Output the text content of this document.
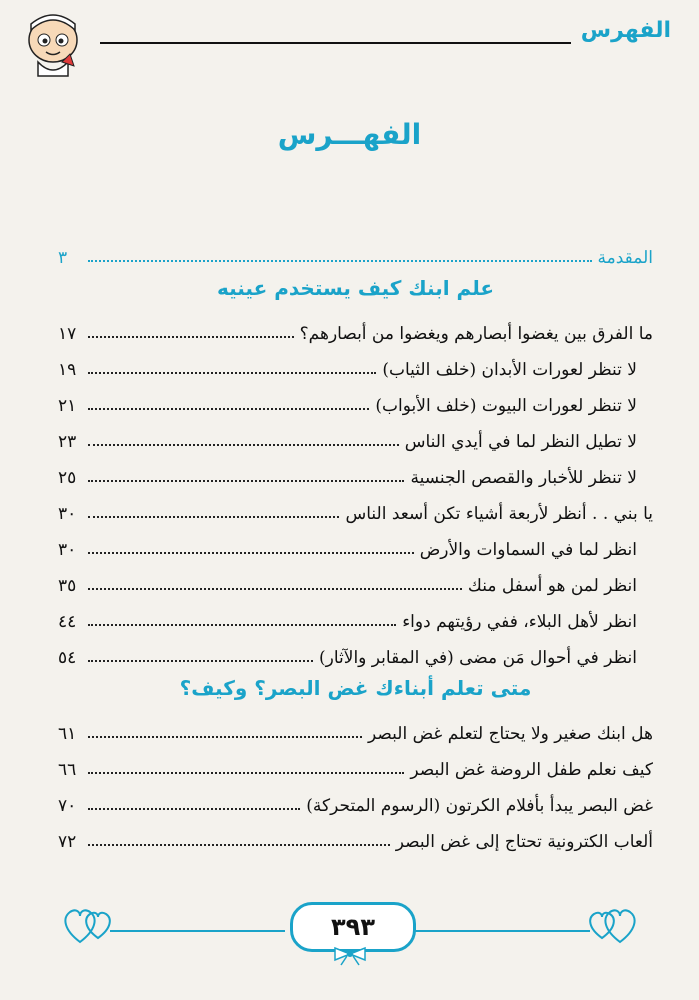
الفهرس
الفهـــرس
المقدمة
٣
علم ابنك كيف يستخدم عينيه
ما الفرق بين يغضوا أبصارهم ويغضوا من أبصارهم؟
١٧
لا تنظر لعورات الأبدان (خلف الثياب)
١٩
لا تنظر لعورات البيوت (خلف الأبواب)
٢١
لا تطيل النظر لما في أيدي الناس
٢٣
لا تنظر للأخبار والقصص الجنسية
٢٥
يا بني . . أنظر لأربعة أشياء تكن أسعد الناس
٣٠
انظر لما في السماوات والأرض
٣٠
انظر لمن هو أسفل منك
٣٥
انظر لأهل البلاء، ففي رؤيتهم دواء
٤٤
انظر في أحوال مَن مضى (في المقابر والآثار)
٥٤
متى تعلم أبناءك غض البصر؟ وكيف؟
هل ابنك صغير ولا يحتاج لتعلم غض البصر
٦١
كيف نعلم طفل الروضة غض البصر
٦٦
غض البصر يبدأ بأفلام الكرتون (الرسوم المتحركة)
٧٠
ألعاب الكترونية تحتاج إلى غض البصر
٧٢
٣٩٣
